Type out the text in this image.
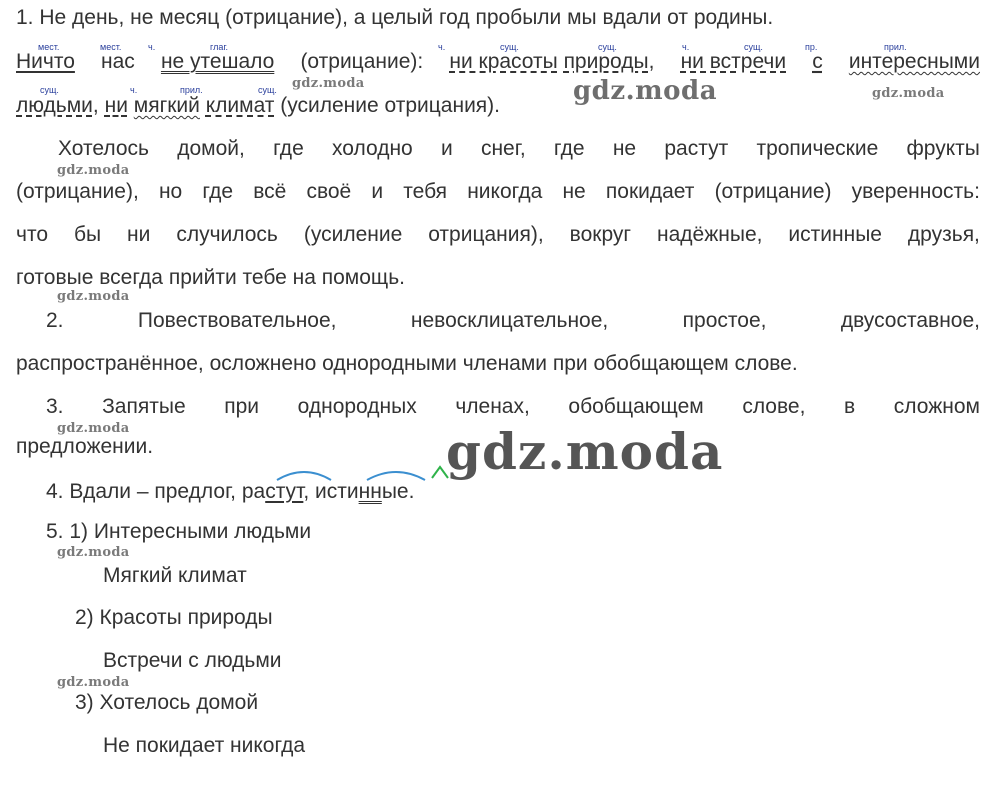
1. Не день, не месяц (отрицание), а целый год пробыли мы вдали от родины.
мест.	мест.	ч.	глаг.	ч.	сущ.	сущ.	ч.	сущ.	пр.	прил.
Ничто нас не утешало (отрицание): ни красоты природы, ни встречи с интересными
сущ.	ч.	прил.	сущ.
людьми, ни мягкий климат (усиление отрицания).
Хотелось домой, где холодно и снег, где не растут тропические фрукты
(отрицание), но где всё своё и тебя никогда не покидает (отрицание) уверенность:
что бы ни случилось (усиление отрицания), вокруг надёжные, истинные друзья,
готовые всегда прийти тебе на помощь.
2.	Повествовательное,	невосклицательное,	простое,	двусоставное,
распространённое, осложнено однородными членами при обобщающем слове.
3. Запятые при однородных членах, обобщающем слове, в сложном
предложении.
4. Вдали – предлог, растут, истинные.
5. 1) Интересными людьми
Мягкий климат
2) Красоты природы
Встречи с людьми
3) Хотелось домой
Не покидает никогда
gdz.moda
gdz.moda
gdz.moda
gdz.moda
gdz.moda
gdz.moda	gdz.moda
gdz.moda
gdz.moda
